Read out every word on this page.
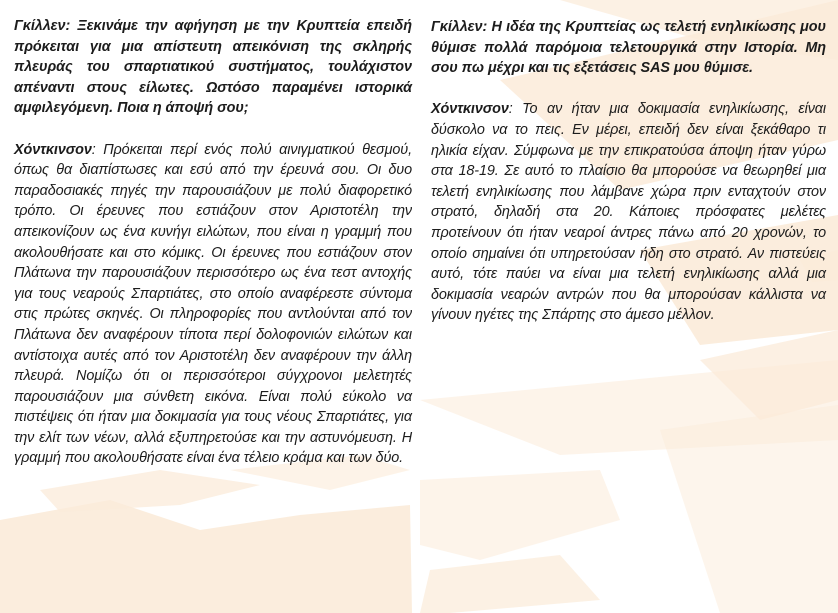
Γκίλλεν: Ξεκινάμε την αφήγηση με την Κρυπτεία επειδή πρόκειται για μια απίστευτη απεικόνιση της σκληρής πλευράς του σπαρτιατικού συστήματος, τουλάχιστον απέναντι στους είλωτες. Ωστόσο παραμένει ιστορικά αμφιλεγόμενη. Ποια η άποψή σου;

Χόντκινσον: Πρόκειται περί ενός πολύ αινιγματικού θεσμού, όπως θα διαπίστωσες και εσύ από την έρευνά σου. Οι δυο παραδοσιακές πηγές την παρουσιάζουν με πολύ διαφορετικό τρόπο. Οι έρευνες που εστιάζουν στον Αριστοτέλη την απεικονίζουν ως ένα κυνήγι ειλώτων, που είναι η γραμμή που ακολουθήσατε και στο κόμικς. Οι έρευνες που εστιάζουν στον Πλάτωνα την παρουσιάζουν περισσότερο ως ένα τεστ αντοχής για τους νεαρούς Σπαρτιάτες, στο οποίο αναφέρεστε σύντομα στις πρώτες σκηνές. Οι πληροφορίες που αντλούνται από τον Πλάτωνα δεν αναφέρουν τίποτα περί δολοφονιών ειλώτων και αντίστοιχα αυτές από τον Αριστοτέλη δεν αναφέρουν την άλλη πλευρά. Νομίζω ότι οι περισσότεροι σύγχρονοι μελετητές παρουσιάζουν μια σύνθετη εικόνα. Είναι πολύ εύκολο να πιστέψεις ότι ήταν μια δοκιμασία για τους νέους Σπαρτιάτες, για την ελίτ των νέων, αλλά εξυπηρετούσε και την αστυνόμευση. Η γραμμή που ακολουθήσατε είναι ένα τέλειο κράμα και των δύο.

Γκίλλεν: Η ιδέα της Κρυπτείας ως τελετή ενηλικίωσης μου θύμισε πολλά παρόμοια τελετουργικά στην Ιστορία. Μη σου πω μέχρι και τις εξετάσεις SAS μου θύμισε.

Χόντκινσον: Το αν ήταν μια δοκιμασία ενηλικίωσης, είναι δύσκολο να το πεις. Εν μέρει, επειδή δεν είναι ξεκάθαρο τι ηλικία είχαν. Σύμφωνα με την επικρατούσα άποψη ήταν γύρω στα 18-19. Σε αυτό το πλαίσιο θα μπορούσε να θεωρηθεί μια τελετή ενηλικίωσης που λάμβανε χώρα πριν ενταχτούν στον στρατό, δηλαδή στα 20. Κάποιες πρόσφατες μελέτες προτείνουν ότι ήταν νεαροί άντρες πάνω από 20 χρονών, το οποίο σημαίνει ότι υπηρετούσαν ήδη στο στρατό. Αν πιστεύεις αυτό, τότε παύει να είναι μια τελετή ενηλικίωσης αλλά μια δοκιμασία νεαρών αντρών που θα μπορούσαν κάλλιστα να γίνουν ηγέτες της Σπάρτης στο άμεσο μέλλον.
